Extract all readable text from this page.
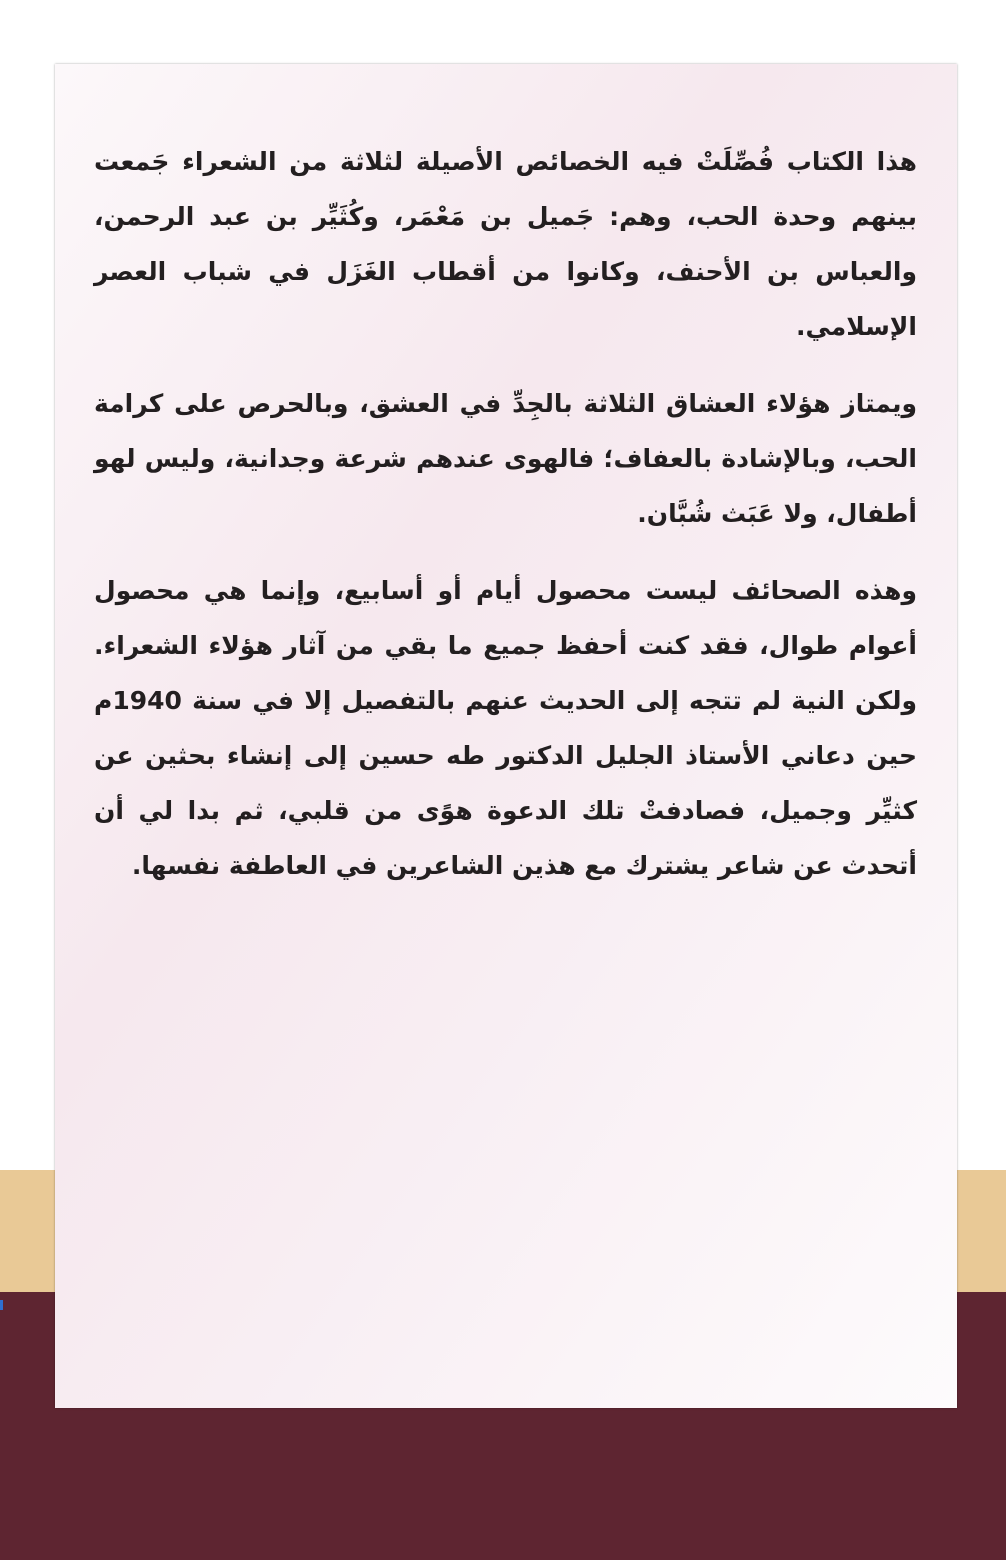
هذا الكتاب فُصِّلَتْ فيه الخصائص الأصيلة لثلاثة من الشعراء جَمعت بينهم وحدة الحب، وهم: جَميل بن مَعْمَر، وكُثَيِّر بن عبد الرحمن، والعباس بن الأحنف، وكانوا من أقطاب الغَزَل في شباب العصر الإسلامي.

ويمتاز هؤلاء العشاق الثلاثة بالجِدِّ في العشق، وبالحرص على كرامة الحب، وبالإشادة بالعفاف؛ فالهوى عندهم شرعة وجدانية، وليس لهو أطفال، ولا عَبَث شُبَّان.

وهذه الصحائف ليست محصول أيام أو أسابيع، وإنما هي محصول أعوام طوال، فقد كنت أحفظ جميع ما بقي من آثار هؤلاء الشعراء. ولكن النية لم تتجه إلى الحديث عنهم بالتفصيل إلا في سنة 1940م حين دعاني الأستاذ الجليل الدكتور طه حسين إلى إنشاء بحثين عن كثيِّر وجميل، فصادفتْ تلك الدعوة هوًى من قلبي، ثم بدا لي أن أتحدث عن شاعر يشترك مع هذين الشاعرين في العاطفة نفسها.
